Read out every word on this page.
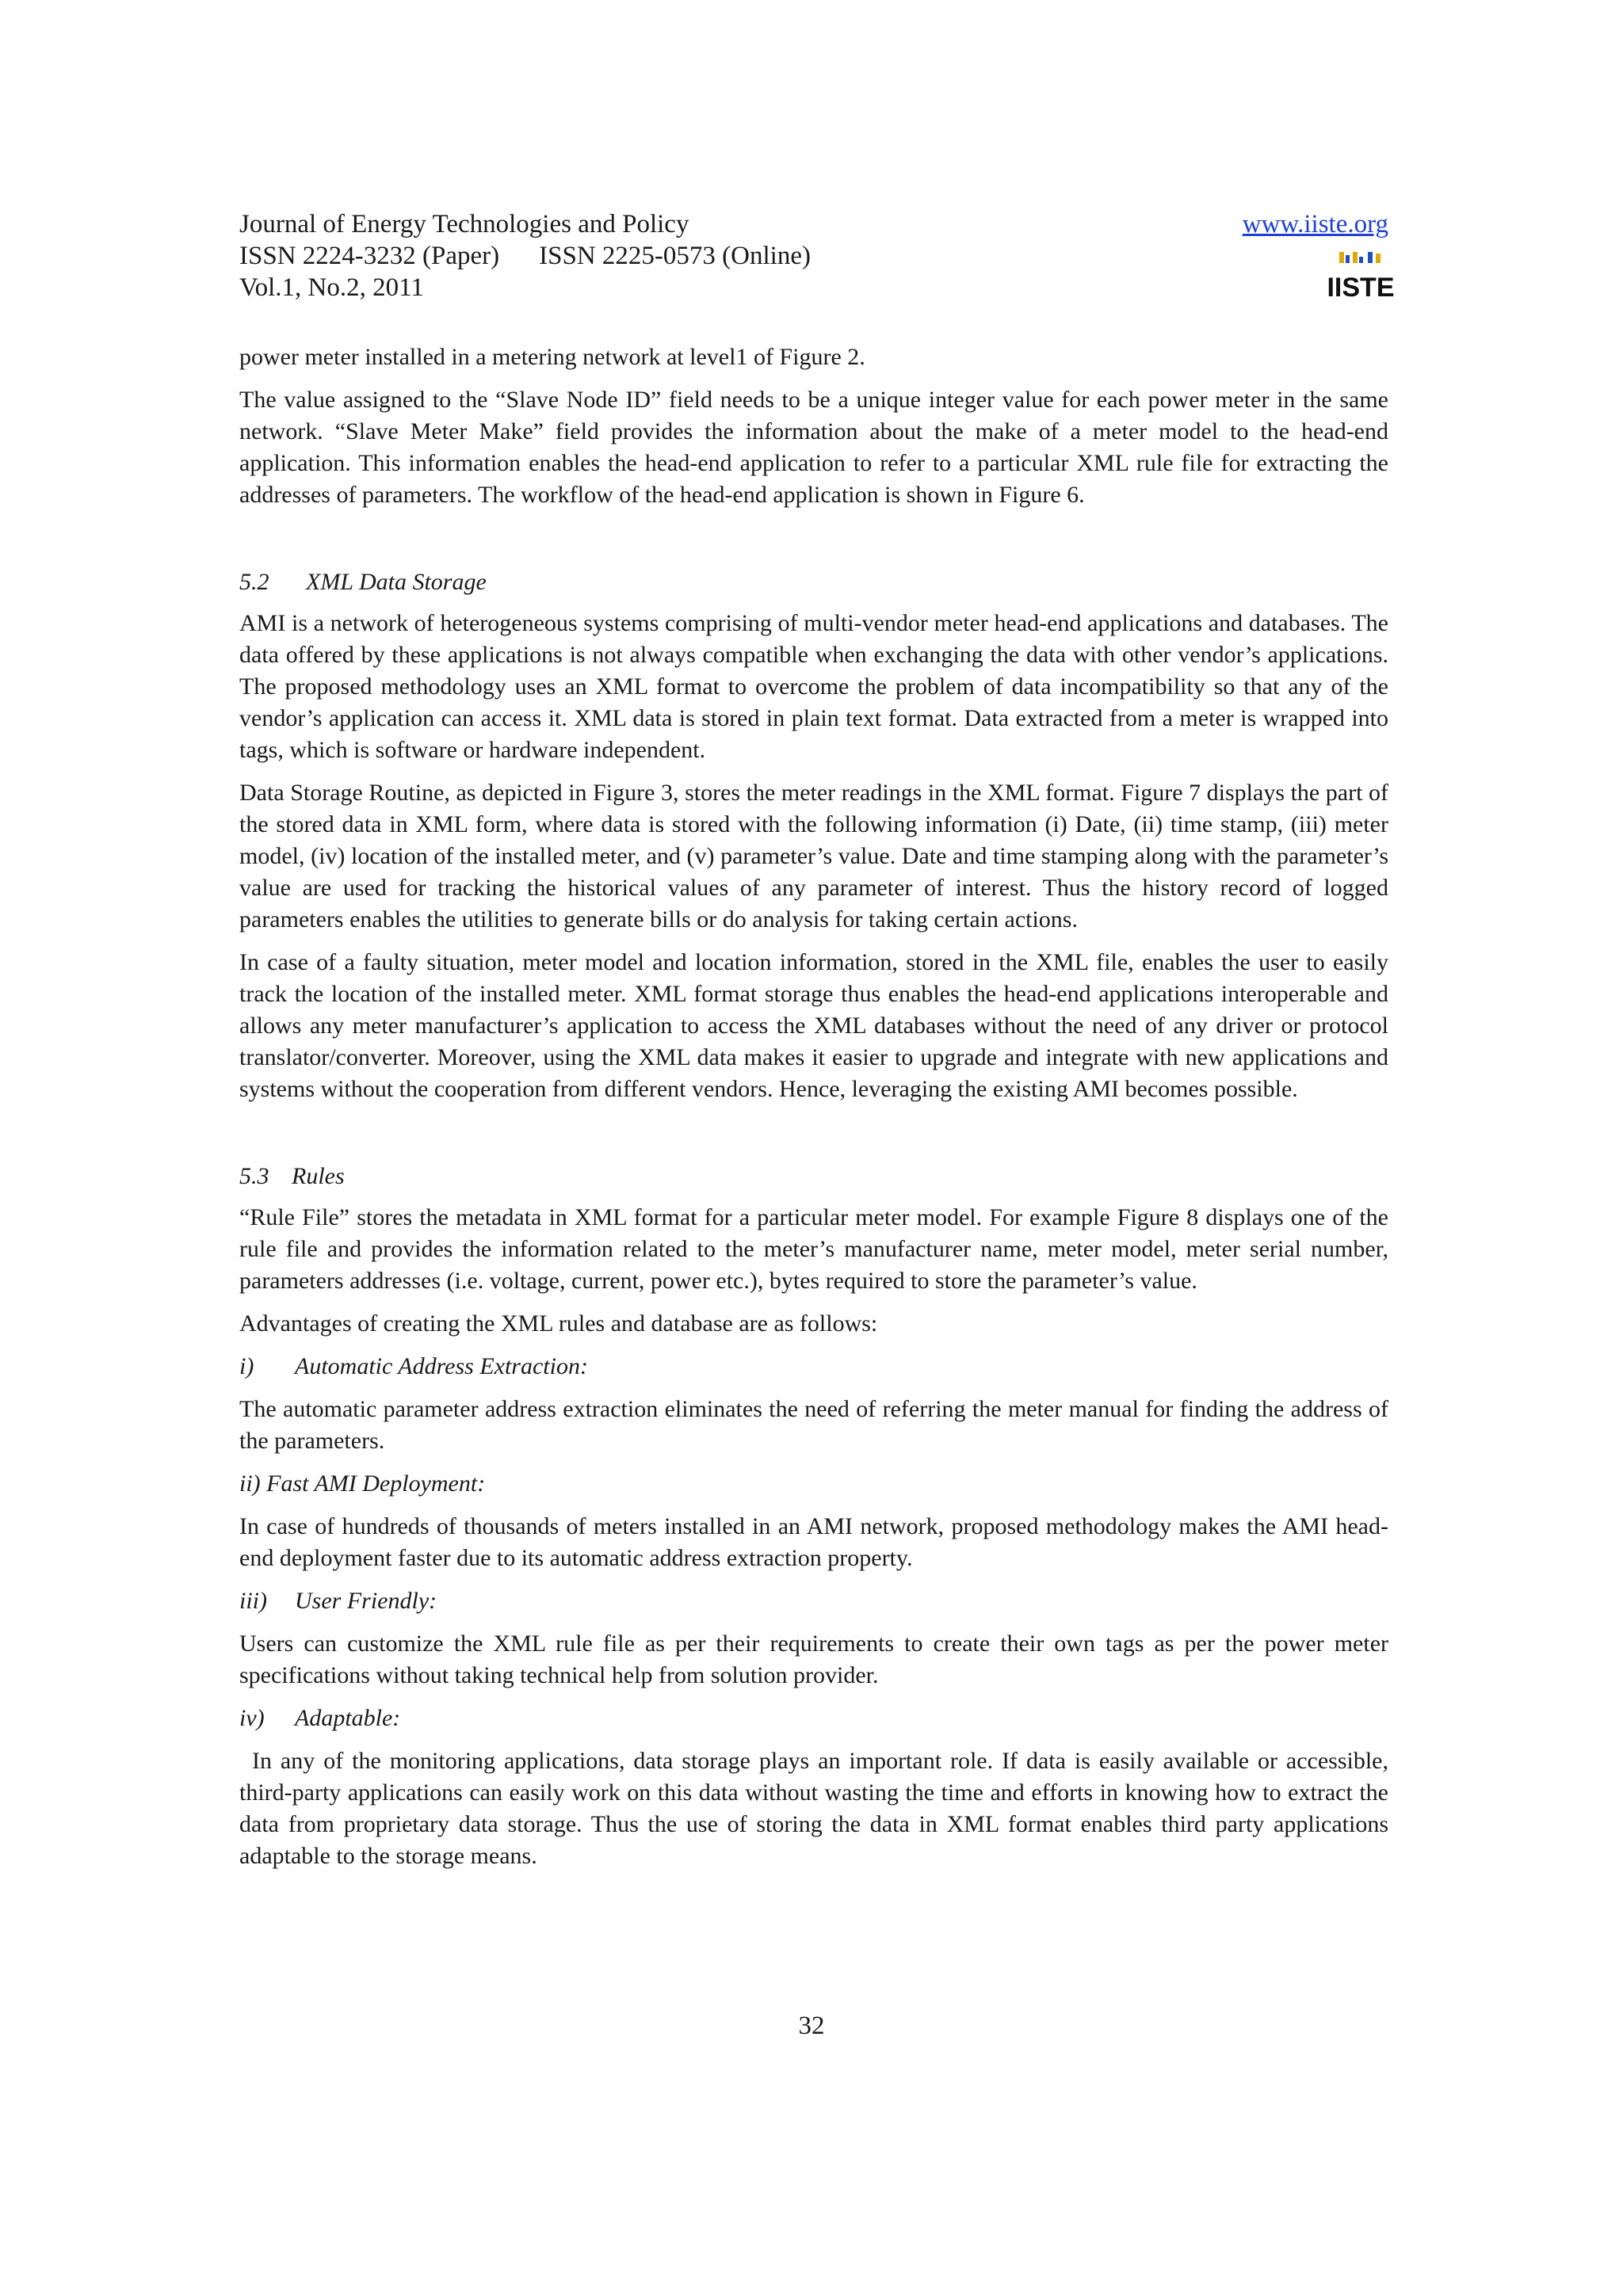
Journal of Energy Technologies and Policy
ISSN 2224-3232 (Paper) ISSN 2225-0573 (Online)
Vol.1, No.2, 2011
www.iiste.org
IISTE

power meter installed in a metering network at level1 of Figure 2.

The value assigned to the “Slave Node ID” field needs to be a unique integer value for each power meter in the same network. “Slave Meter Make” field provides the information about the make of a meter model to the head-end application. This information enables the head-end application to refer to a particular XML rule file for extracting the addresses of parameters. The workflow of the head-end application is shown in Figure 6.

5.2 XML Data Storage

AMI is a network of heterogeneous systems comprising of multi-vendor meter head-end applications and databases. The data offered by these applications is not always compatible when exchanging the data with other vendor’s applications. The proposed methodology uses an XML format to overcome the problem of data incompatibility so that any of the vendor’s application can access it. XML data is stored in plain text format. Data extracted from a meter is wrapped into tags, which is software or hardware independent.

Data Storage Routine, as depicted in Figure 3, stores the meter readings in the XML format. Figure 7 displays the part of the stored data in XML form, where data is stored with the following information (i) Date, (ii) time stamp, (iii) meter model, (iv) location of the installed meter, and (v) parameter’s value. Date and time stamping along with the parameter’s value are used for tracking the historical values of any parameter of interest. Thus the history record of logged parameters enables the utilities to generate bills or do analysis for taking certain actions.

In case of a faulty situation, meter model and location information, stored in the XML file, enables the user to easily track the location of the installed meter. XML format storage thus enables the head-end applications interoperable and allows any meter manufacturer’s application to access the XML databases without the need of any driver or protocol translator/converter. Moreover, using the XML data makes it easier to upgrade and integrate with new applications and systems without the cooperation from different vendors. Hence, leveraging the existing AMI becomes possible.

5.3 Rules

“Rule File” stores the metadata in XML format for a particular meter model. For example Figure 8 displays one of the rule file and provides the information related to the meter’s manufacturer name, meter model, meter serial number, parameters addresses (i.e. voltage, current, power etc.), bytes required to store the parameter’s value.

Advantages of creating the XML rules and database are as follows:

i) Automatic Address Extraction:

The automatic parameter address extraction eliminates the need of referring the meter manual for finding the address of the parameters.

ii) Fast AMI Deployment:

In case of hundreds of thousands of meters installed in an AMI network, proposed methodology makes the AMI head-end deployment faster due to its automatic address extraction property.

iii) User Friendly:

Users can customize the XML rule file as per their requirements to create their own tags as per the power meter specifications without taking technical help from solution provider.

iv) Adaptable:

In any of the monitoring applications, data storage plays an important role. If data is easily available or accessible, third-party applications can easily work on this data without wasting the time and efforts in knowing how to extract the data from proprietary data storage. Thus the use of storing the data in XML format enables third party applications adaptable to the storage means.

32
